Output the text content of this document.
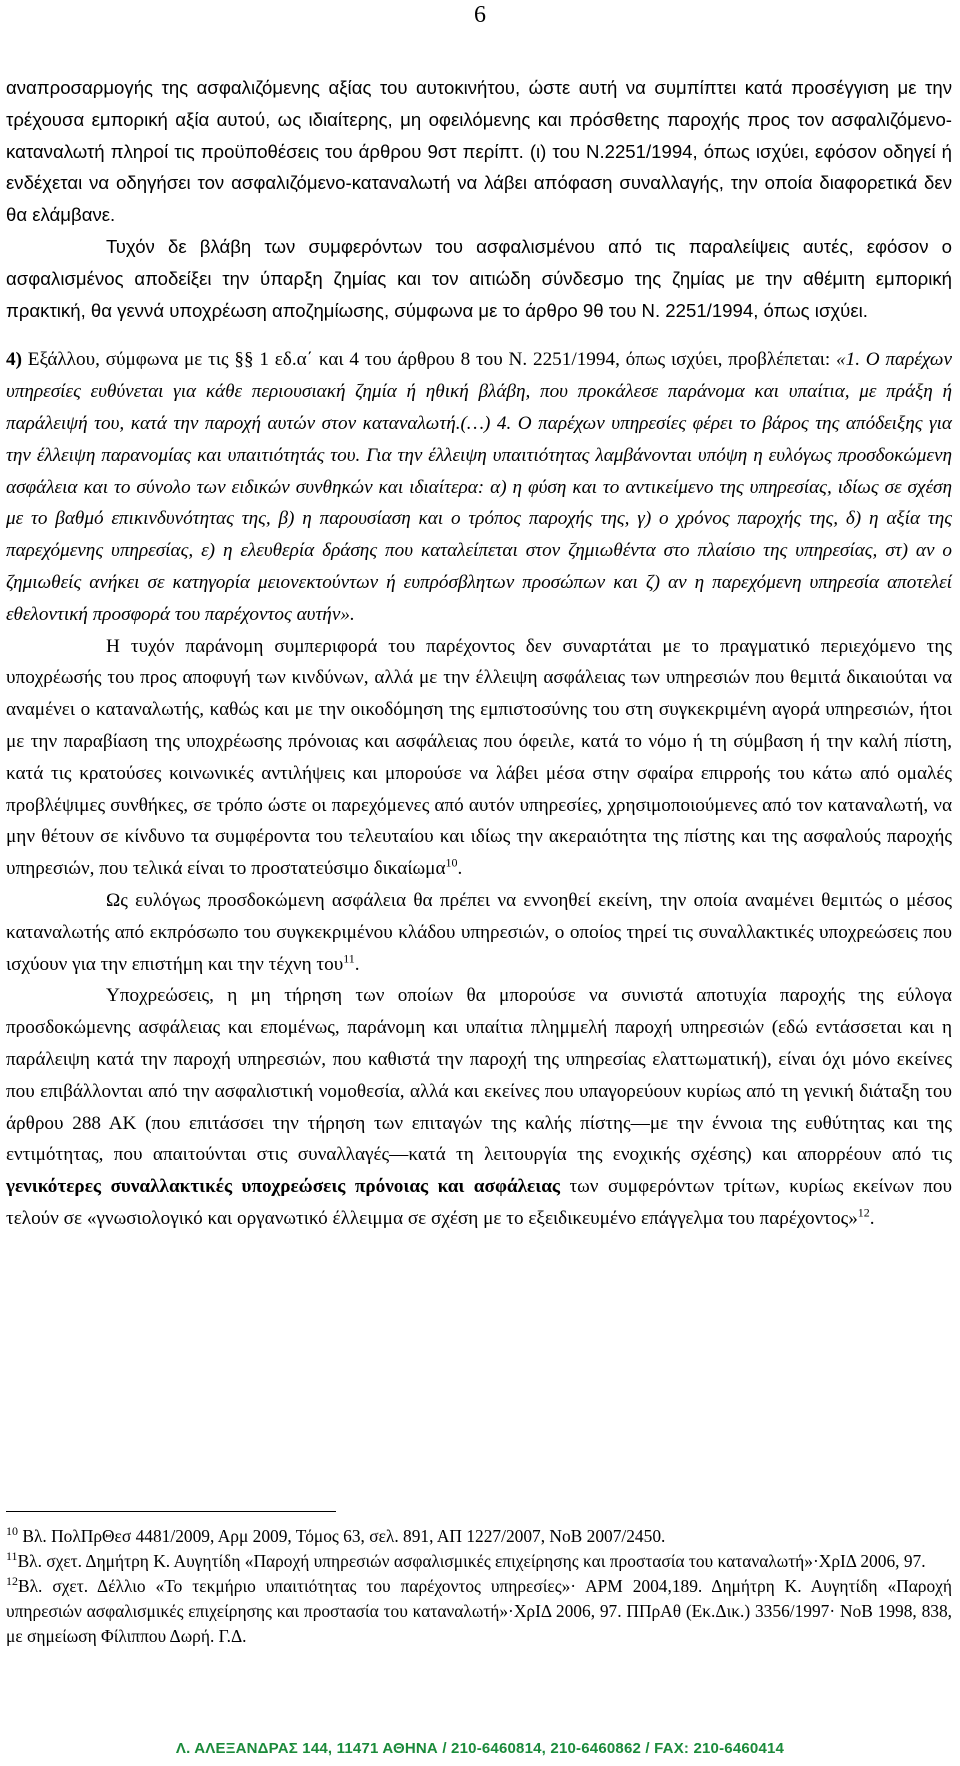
6

αναπροσαρμογής της ασφαλιζόμενης αξίας του αυτοκινήτου, ώστε αυτή να συμπίπτει κατά προσέγγιση με την τρέχουσα εμπορική αξία αυτού, ως ιδιαίτερης, μη οφειλόμενης και πρόσθετης παροχής προς τον ασφαλιζόμενο-καταναλωτή πληροί τις προϋποθέσεις του άρθρου 9στ περίπτ. (ι) του Ν.2251/1994, όπως ισχύει, εφόσον οδηγεί ή ενδέχεται να οδηγήσει τον ασφαλιζόμενο-καταναλωτή να λάβει απόφαση συναλλαγής, την οποία διαφορετικά δεν θα ελάμβανε.

Τυχόν δε βλάβη των συμφερόντων του ασφαλισμένου από τις παραλείψεις αυτές, εφόσον ο ασφαλισμένος αποδείξει την ύπαρξη ζημίας και τον αιτιώδη σύνδεσμο της ζημίας με την αθέμιτη εμπορική πρακτική, θα γεννά υποχρέωση αποζημίωσης, σύμφωνα με το άρθρο 9θ του Ν. 2251/1994, όπως ισχύει.

4) Εξάλλου, σύμφωνα με τις §§ 1 εδ.α΄ και 4 του άρθρου 8 του Ν. 2251/1994, όπως ισχύει, προβλέπεται: «1. Ο παρέχων υπηρεσίες ευθύνεται για κάθε περιουσιακή ζημία ή ηθική βλάβη, που προκάλεσε παράνομα και υπαίτια, με πράξη ή παράλειψή του, κατά την παροχή αυτών στον καταναλωτή.(…) 4. Ο παρέχων υπηρεσίες φέρει το βάρος της απόδειξης για την έλλειψη παρανομίας και υπαιτιότητάς του. Για την έλλειψη υπαιτιότητας λαμβάνονται υπόψη η ευλόγως προσδοκώμενη ασφάλεια και το σύνολο των ειδικών συνθηκών και ιδιαίτερα: α) η φύση και το αντικείμενο της υπηρεσίας, ιδίως σε σχέση με το βαθμό επικινδυνότητας της, β) η παρουσίαση και ο τρόπος παροχής της, γ) ο χρόνος παροχής της, δ) η αξία της παρεχόμενης υπηρεσίας, ε) η ελευθερία δράσης που καταλείπεται στον ζημιωθέντα στο πλαίσιο της υπηρεσίας, στ) αν ο ζημιωθείς ανήκει σε κατηγορία μειονεκτούντων ή ευπρόσβλητων προσώπων και ζ) αν η παρεχόμενη υπηρεσία αποτελεί εθελοντική προσφορά του παρέχοντος αυτήν».

Η τυχόν παράνομη συμπεριφορά του παρέχοντος δεν συναρτάται με το πραγματικό περιεχόμενο της υποχρέωσής του προς αποφυγή των κινδύνων, αλλά με την έλλειψη ασφάλειας των υπηρεσιών που θεμιτά δικαιούται να αναμένει ο καταναλωτής, καθώς και με την οικοδόμηση της εμπιστοσύνης του στη συγκεκριμένη αγορά υπηρεσιών, ήτοι με την παραβίαση της υποχρέωσης πρόνοιας και ασφάλειας που όφειλε, κατά το νόμο ή τη σύμβαση ή την καλή πίστη, κατά τις κρατούσες κοινωνικές αντιλήψεις και μπορούσε να λάβει μέσα στην σφαίρα επιρροής του κάτω από ομαλές προβλέψιμες συνθήκες, σε τρόπο ώστε οι παρεχόμενες από αυτόν υπηρεσίες, χρησιμοποιούμενες από τον καταναλωτή, να μην θέτουν σε κίνδυνο τα συμφέροντα του τελευταίου και ιδίως την ακεραιότητα της πίστης και της ασφαλούς παροχής υπηρεσιών, που τελικά είναι το προστατεύσιμο δικαίωμα$^{10}$.

Ως ευλόγως προσδοκώμενη ασφάλεια θα πρέπει να εννοηθεί εκείνη, την οποία αναμένει θεμιτώς ο μέσος καταναλωτής από εκπρόσωπο του συγκεκριμένου κλάδου υπηρεσιών, ο οποίος τηρεί τις συναλλακτικές υποχρεώσεις που ισχύουν για την επιστήμη και την τέχνη του$^{11}$.

Υποχρεώσεις, η μη τήρηση των οποίων θα μπορούσε να συνιστά αποτυχία παροχής της εύλογα προσδοκώμενης ασφάλειας και επομένως, παράνομη και υπαίτια πλημμελή παροχή υπηρεσιών (εδώ εντάσσεται και η παράλειψη κατά την παροχή υπηρεσιών, που καθιστά την παροχή της υπηρεσίας ελαττωματική), είναι όχι μόνο εκείνες που επιβάλλονται από την ασφαλιστική νομοθεσία, αλλά και εκείνες που υπαγορεύουν κυρίως από τη γενική διάταξη του άρθρου 288 ΑΚ (που επιτάσσει την τήρηση των επιταγών της καλής πίστης—με την έννοια της ευθύτητας και της εντιμότητας, που απαιτούνται στις συναλλαγές—κατά τη λειτουργία της ενοχικής σχέσης) και απορρέουν από τις γενικότερες συναλλακτικές υποχρεώσεις πρόνοιας και ασφάλειας των συμφερόντων τρίτων, κυρίως εκείνων που τελούν σε «γνωσιολογικό και οργανωτικό έλλειμμα σε σχέση με το εξειδικευμένο επάγγελμα του παρέχοντος»$^{12}$.

$^{10}$ Βλ. ΠολΠρΘεσ 4481/2009, Αρμ 2009, Τόμος 63, σελ. 891, ΑΠ 1227/2007, ΝοΒ 2007/2450.

$^{11}$Βλ. σχετ. Δημήτρη Κ. Αυγητίδη «Παροχή υπηρεσιών ασφαλισμικές επιχείρησης και προστασία του καταναλωτή»·ΧρΙΔ 2006, 97.

$^{12}$Βλ. σχετ. Δέλλιο «Το τεκμήριο υπαιτιότητας του παρέχοντος υπηρεσίες»· ΑΡΜ 2004,189. Δημήτρη Κ. Αυγητίδη «Παροχή υπηρεσιών ασφαλισμικές επιχείρησης και προστασία του καταναλωτή»·ΧρΙΔ 2006, 97. ΠΠρΑθ (Εκ.Δικ.) 3356/1997· ΝοΒ 1998, 838, με σημείωση Φίλιππου Δωρή. Γ.Δ.

Λ. ΑΛΕΞΑΝΔΡΑΣ 144, 11471 ΑΘΗΝΑ / 210-6460814, 210-6460862 / FAX: 210-6460414
